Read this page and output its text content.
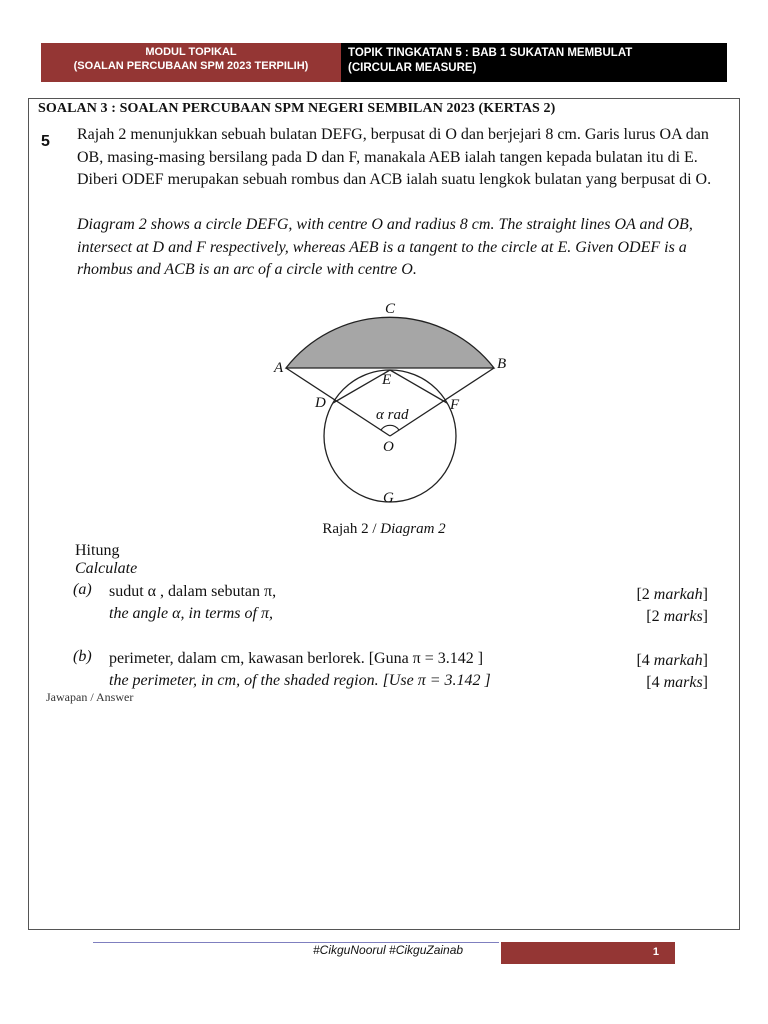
MODUL TOPIKAL
(SOALAN PERCUBAAN SPM 2023 TERPILIH)
TOPIK TINGKATAN 5 : BAB 1 SUKATAN MEMBULAT
(CIRCULAR MEASURE)
SOALAN 3 : SOALAN PERCUBAAN SPM NEGERI SEMBILAN 2023 (KERTAS 2)
5 Rajah 2 menunjukkan sebuah bulatan DEFG, berpusat di O dan berjejari 8 cm. Garis lurus OA dan OB, masing-masing bersilang pada D dan F, manakala AEB ialah tangen kepada bulatan itu di E. Diberi ODEF merupakan sebuah rombus dan ACB ialah suatu lengkok bulatan yang berpusat di O.
Diagram 2 shows a circle DEFG, with centre O and radius 8 cm. The straight lines OA and OB, intersect at D and F respectively, whereas AEB is a tangent to the circle at E. Given ODEF is a rhombus and ACB is an arc of a circle with centre O.
C
A	B
E
D	F
α rad
O
G
Rajah 2 / Diagram 2
Hitung
Calculate
(a) sudut α , dalam sebutan π,
the angle α, in terms of π,
[2 markah]
[2 marks]
(b) perimeter, dalam cm, kawasan berlorek. [Guna π = 3.142 ]
the perimeter, in cm, of the shaded region. [Use π = 3.142 ]
[4 markah]
[4 marks]
Jawapan / Answer
#CikguNoorul #CikguZainab	1
